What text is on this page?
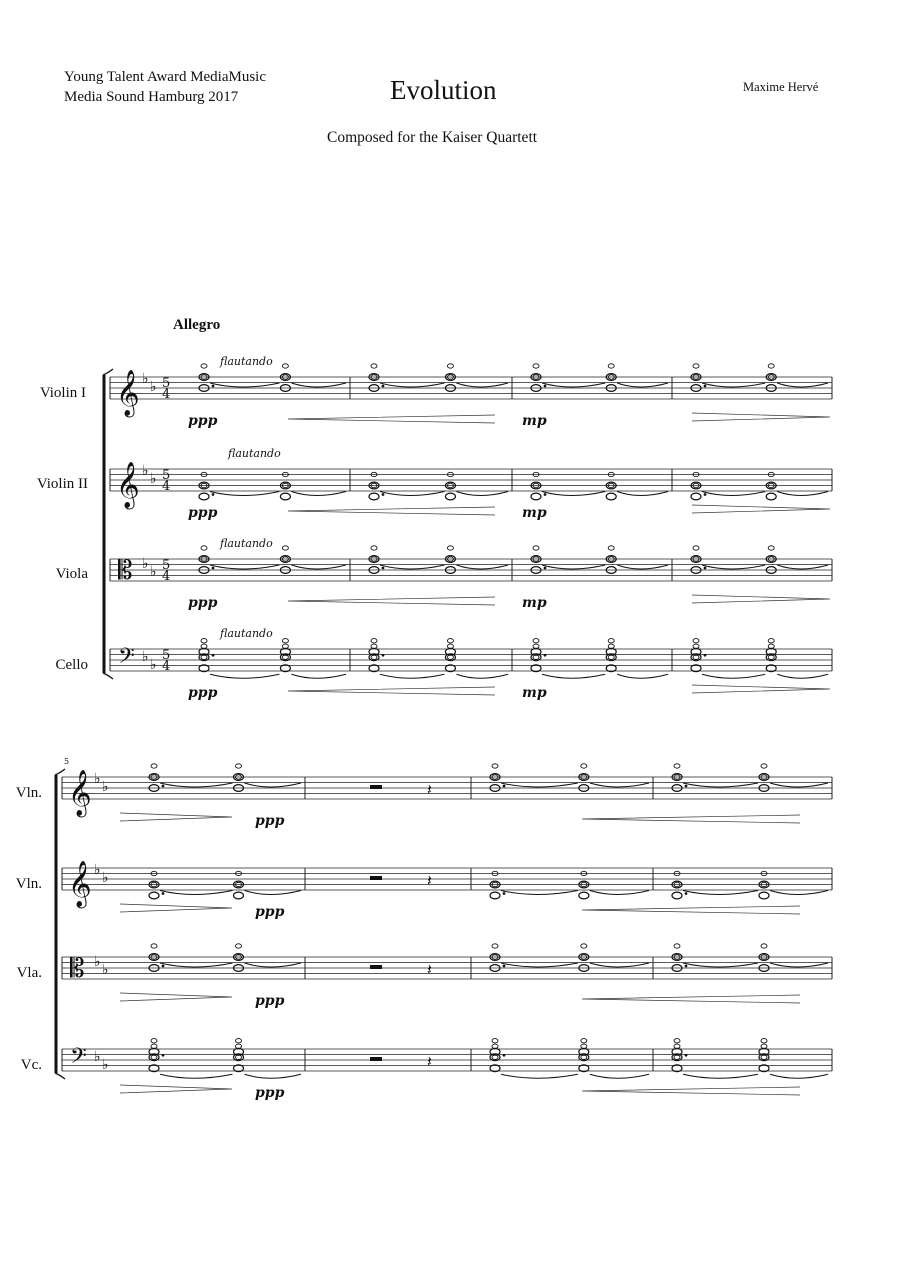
Young Talent Award MediaMusic
Media Sound Hamburg 2017	Evolution	Maxime Hervé
Composed for the Kaiser Quartett
Allegro
Violin I
Violin II
Viola
Cello
Vln.
Vln.
Vla.
Vc.
𝄞 ♭ ♭ 5
4
ppp	mp
flautando
𝄞 ♭ ♭ 5
4
ppp	mp
flautando
𝄡 ♭ ♭ 5
4
ppp	mp
flautando
𝄢 ♭ ♭
5
4
ppp	mp
flautando
𝄞 ♭ ♭	𝄽
ppp
𝄞 ♭ ♭	𝄽
ppp
𝄡 ♭ ♭	𝄽
ppp
𝄢 ♭ ♭	𝄽
ppp
5
